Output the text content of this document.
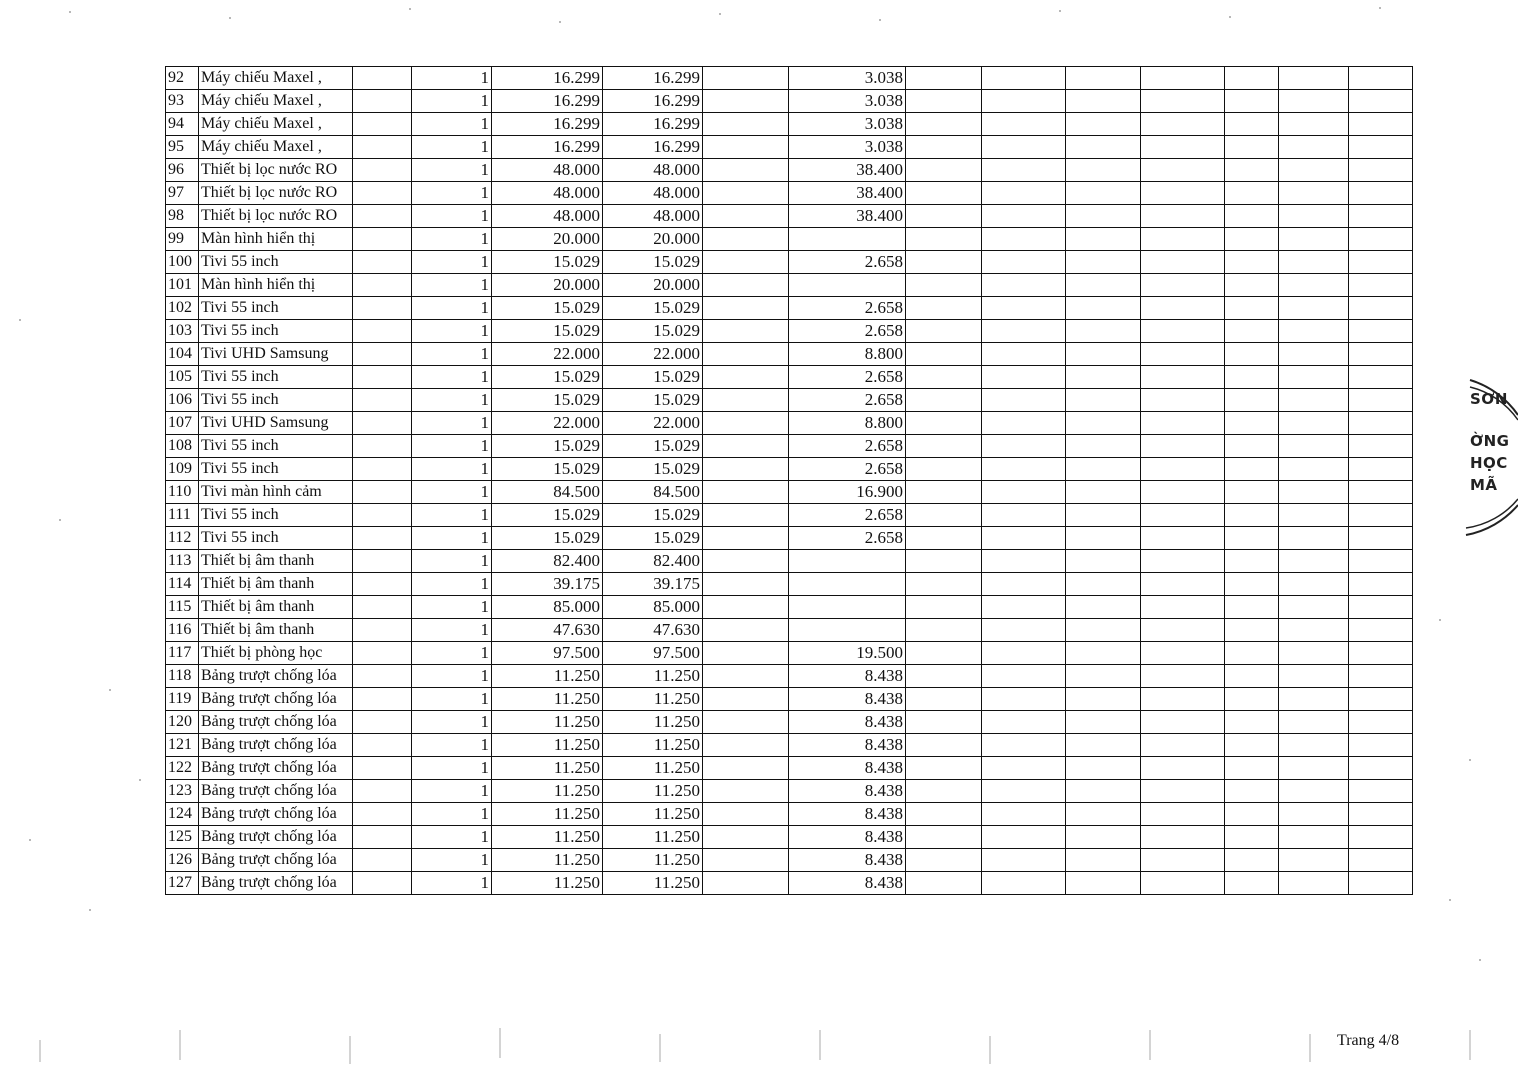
92	Máy chiếu Maxel ,		1	16.299	16.299		3.038							
93	Máy chiếu Maxel ,		1	16.299	16.299		3.038							
94	Máy chiếu Maxel ,		1	16.299	16.299		3.038							
95	Máy chiếu Maxel ,		1	16.299	16.299		3.038							
96	Thiết bị lọc nước RO		1	48.000	48.000		38.400							
97	Thiết bị lọc nước RO		1	48.000	48.000		38.400							
98	Thiết bị lọc nước RO		1	48.000	48.000		38.400							
99	Màn hình hiển thị		1	20.000	20.000									
100	Tivi 55 inch		1	15.029	15.029		2.658							
101	Màn hình hiển thị		1	20.000	20.000									
102	Tivi 55 inch		1	15.029	15.029		2.658							
103	Tivi 55 inch		1	15.029	15.029		2.658							
104	Tivi UHD Samsung		1	22.000	22.000		8.800							
105	Tivi 55 inch		1	15.029	15.029		2.658							
106	Tivi 55 inch		1	15.029	15.029		2.658							
107	Tivi UHD Samsung		1	22.000	22.000		8.800							
108	Tivi 55 inch		1	15.029	15.029		2.658							
109	Tivi 55 inch		1	15.029	15.029		2.658							
110	Tivi màn hình cảm		1	84.500	84.500		16.900							
111	Tivi 55 inch		1	15.029	15.029		2.658							
112	Tivi 55 inch		1	15.029	15.029		2.658							
113	Thiết bị âm thanh		1	82.400	82.400									
114	Thiết bị âm thanh		1	39.175	39.175									
115	Thiết bị âm thanh		1	85.000	85.000									
116	Thiết bị âm thanh		1	47.630	47.630									
117	Thiết bị phòng học		1	97.500	97.500		19.500							
118	Bảng trượt chống lóa		1	11.250	11.250		8.438							
119	Bảng trượt chống lóa		1	11.250	11.250		8.438							
120	Bảng trượt chống lóa		1	11.250	11.250		8.438							
121	Bảng trượt chống lóa		1	11.250	11.250		8.438							
122	Bảng trượt chống lóa		1	11.250	11.250		8.438							
123	Bảng trượt chống lóa		1	11.250	11.250		8.438							
124	Bảng trượt chống lóa		1	11.250	11.250		8.438							
125	Bảng trượt chống lóa		1	11.250	11.250		8.438							
126	Bảng trượt chống lóa		1	11.250	11.250		8.438							
127	Bảng trượt chống lóa		1	11.250	11.250		8.438							
SƠN
ỜNG
HỌC
MÃ
Trang 4/8
